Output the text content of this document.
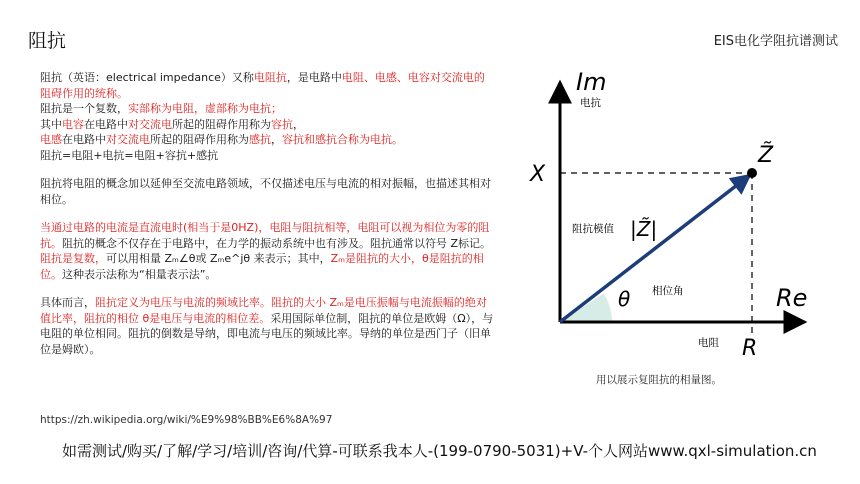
阻抗	EIS电化学阻抗谱测试

阻抗（英语：electrical impedance）又称电阻抗，是电路中电阻、电感、电容对交流电的阻碍作用的统称。
阻抗是一个复数，实部称为电阻，虚部称为电抗；
其中电容在电路中对交流电所起的阻碍作用称为容抗，
电感在电路中对交流电所起的阻碍作用称为感抗，容抗和感抗合称为电抗。
阻抗=电阻+电抗=电阻+容抗+感抗

阻抗将电阻的概念加以延伸至交流电路领域，不仅描述电压与电流的相对振幅，也描述其相对相位。

当通过电路的电流是直流电时(相当于是0HZ)，电阻与阻抗相等，电阻可以视为相位为零的阻抗。阻抗的概念不仅存在于电路中，在力学的振动系统中也有涉及。阻抗通常以符号 Z标记。阻抗是复数，可以用相量 Zₘ∠θ或 Zₘe^jθ 来表示；其中，Zₘ是阻抗的大小，θ是阻抗的相位。这种表示法称为“相量表示法”。

具体而言，阻抗定义为电压与电流的频域比率。阻抗的大小 Zₘ是电压振幅与电流振幅的绝对值比率，阻抗的相位 θ是电压与电流的相位差。采用国际单位制，阻抗的单位是欧姆（Ω），与电阻的单位相同。阻抗的倒数是导纳，即电流与电压的频域比率。导纳的单位是西门子（旧单位是姆欧）。

Im
电抗
Re
X
R
电阻
Z̃
阻抗模值 |Z̃|
θ 相位角
用以展示复阻抗的相量图。
https://zh.wikipedia.org/wiki/%E9%98%BB%E6%8A%97
如需测试/购买/了解/学习/培训/咨询/代算-可联系我本人-(199-0790-5031)+V-个人网站www.qxl-simulation.cn
